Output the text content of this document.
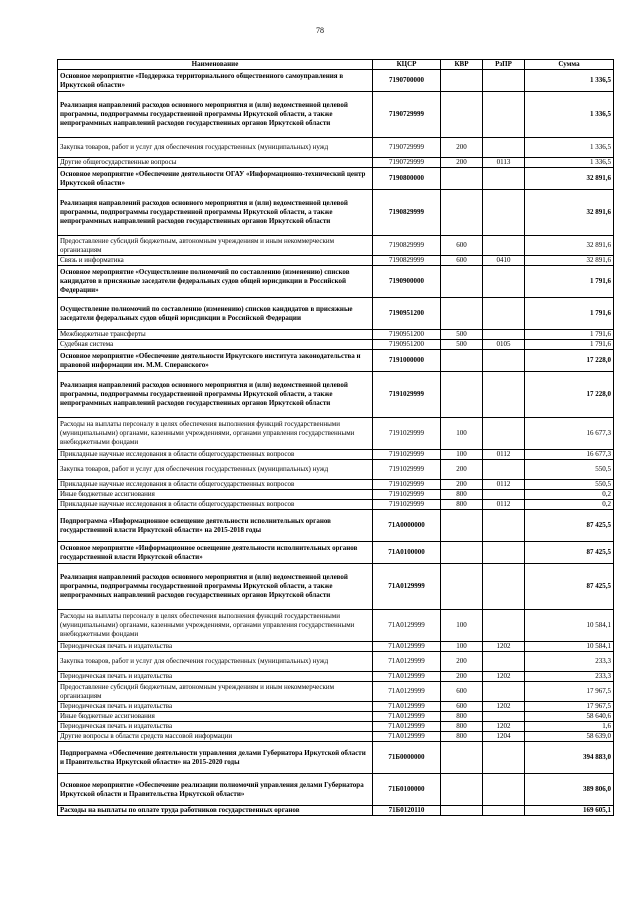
78
Наименование	КЦСР	КВР	РзПР	Сумма
Основное мероприятие «Поддержка территориального общественного самоуправления в Иркутской области»	7190700000			1 336,5
Реализация направлений расходов основного мероприятия и (или) ведомственной целевой программы, подпрограммы государственной программы Иркутской области, а также непрограммных направлений расходов государственных органов Иркутской области	7190729999			1 336,5
Закупка товаров, работ и услуг для обеспечения государственных (муниципальных) нужд	7190729999	200		1 336,5
Другие общегосударственные вопросы	7190729999	200	0113	1 336,5
Основное мероприятие «Обеспечение деятельности ОГАУ «Информационно-технический центр Иркутской области»	7190800000			32 891,6
Реализация направлений расходов основного мероприятия и (или) ведомственной целевой программы, подпрограммы государственной программы Иркутской области, а также непрограммных направлений расходов государственных органов Иркутской области	7190829999			32 891,6
Предоставление субсидий бюджетным, автономным учреждениям и иным некоммерческим организациям	7190829999	600		32 891,6
Связь и информатика	7190829999	600	0410	32 891,6
Основное мероприятие «Осуществление полномочий по составлению (изменению) списков кандидатов в присяжные заседатели федеральных судов общей юрисдикции в Российской Федерации»	7190900000			1 791,6
Осуществление полномочий по составлению (изменению) списков кандидатов в присяжные заседатели федеральных судов общей юрисдикции в Российской Федерации	7190951200			1 791,6
Межбюджетные трансферты	7190951200	500		1 791,6
Судебная система	7190951200	500	0105	1 791,6
Основное мероприятие «Обеспечение деятельности Иркутского института законодательства и правовой информации им. М.М. Сперанского»	7191000000			17 228,0
Реализация направлений расходов основного мероприятия и (или) ведомственной целевой программы, подпрограммы государственной программы Иркутской области, а также непрограммных направлений расходов государственных органов Иркутской области	7191029999			17 228,0
Расходы на выплаты персоналу в целях обеспечения выполнения функций государственными (муниципальными) органами, казенными учреждениями, органами управления государственными внебюджетными фондами	7191029999	100		16 677,3
Прикладные научные исследования в области общегосударственных вопросов	7191029999	100	0112	16 677,3
Закупка товаров, работ и услуг для обеспечения государственных (муниципальных) нужд	7191029999	200		550,5
Прикладные научные исследования в области общегосударственных вопросов	7191029999	200	0112	550,5
Иные бюджетные ассигнования	7191029999	800		0,2
Прикладные научные исследования в области общегосударственных вопросов	7191029999	800	0112	0,2
Подпрограмма «Информационное освещение деятельности исполнительных органов государственной власти Иркутской области» на 2015-2018 годы	71А0000000			87 425,5
Основное мероприятие «Информационное освещение деятельности исполнительных органов государственной власти Иркутской области»	71А0100000			87 425,5
Реализация направлений расходов основного мероприятия и (или) ведомственной целевой программы, подпрограммы государственной программы Иркутской области, а также непрограммных направлений расходов государственных органов Иркутской области	71А0129999			87 425,5
Расходы на выплаты персоналу в целях обеспечения выполнения функций государственными (муниципальными) органами, казенными учреждениями, органами управления государственными внебюджетными фондами	71А0129999	100		10 584,1
Периодическая печать и издательства	71А0129999	100	1202	10 584,1
Закупка товаров, работ и услуг для обеспечения государственных (муниципальных) нужд	71А0129999	200		233,3
Периодическая печать и издательства	71А0129999	200	1202	233,3
Предоставление субсидий бюджетным, автономным учреждениям и иным некоммерческим организациям	71А0129999	600		17 967,5
Периодическая печать и издательства	71А0129999	600	1202	17 967,5
Иные бюджетные ассигнования	71А0129999	800		58 640,6
Периодическая печать и издательства	71А0129999	800	1202	1,6
Другие вопросы в области средств массовой информации	71А0129999	800	1204	58 639,0
Подпрограмма «Обеспечение деятельности управления делами Губернатора Иркутской области и Правительства Иркутской области» на 2015-2020 годы	71Б0000000			394 883,0
Основное мероприятие «Обеспечение реализации полномочий управления делами Губернатора Иркутской области и Правительства Иркутской области»	71Б0100000			389 806,0
Расходы на выплаты по оплате труда работников государственных органов	71Б0120110			169 605,1
